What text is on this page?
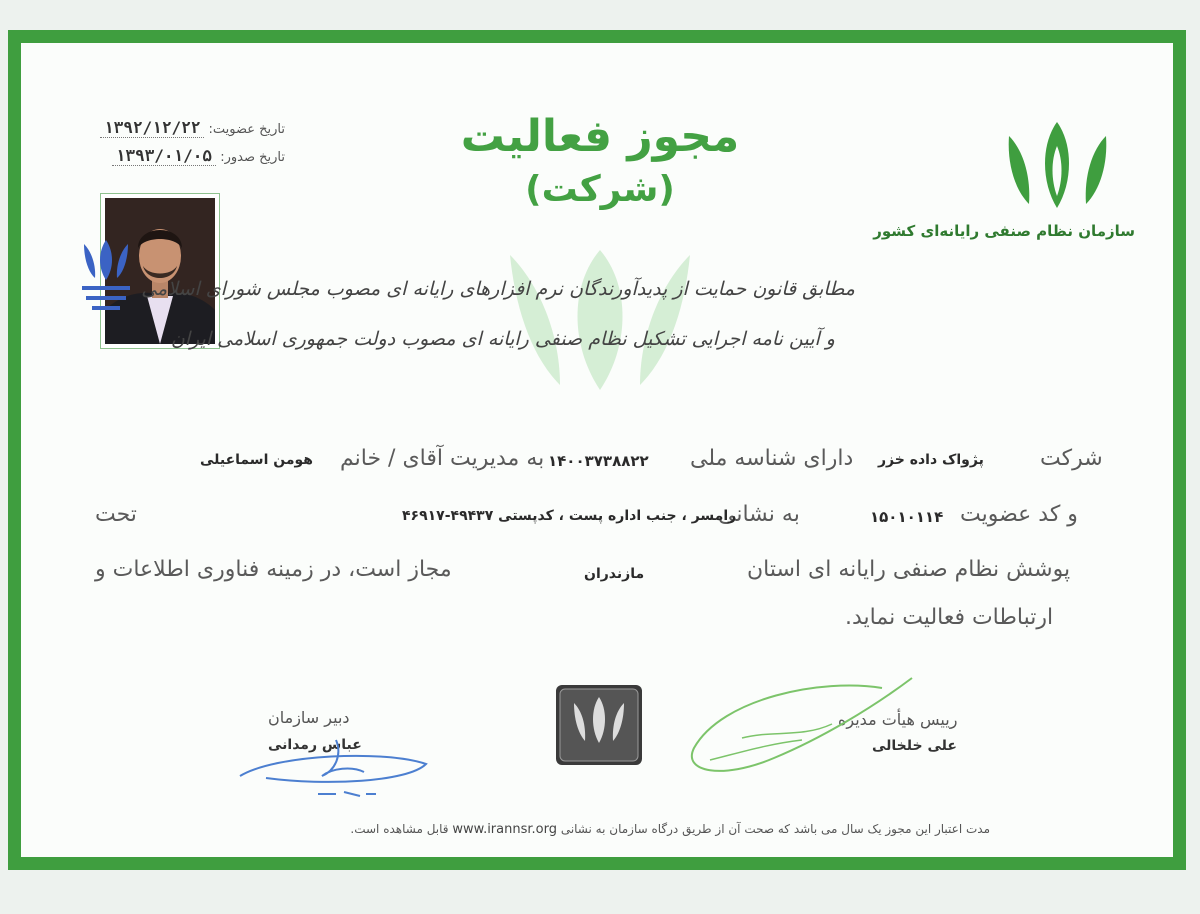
سازمان نظام صنفی رایانه‌ای کشور
مجوز فعالیت
(شرکت)
تاریخ عضویت: ۱۳۹۲/۱۲/۲۲
تاریخ صدور: ۱۳۹۳/۰۱/۰۵
مطابق قانون حمایت از پدیدآورندگان نرم افزارهای رایانه ای مصوب مجلس شورای اسلامی
و آیین نامه اجرایی تشکیل نظام صنفی رایانه ای مصوب دولت جمهوری اسلامی ایران
شرکت
پژواک داده خزر
دارای شناسه ملی
۱۴۰۰۳۷۳۸۸۲۲
به مدیریت آقای / خانم
هومن اسماعیلی
و کد عضویت
۱۵۰۱۰۱۱۴
به نشانی
رامسر ، جنب اداره پست ، کدپستی ۴۹۴۳۷-۴۶۹۱۷
تحت
پوشش نظام صنفی رایانه ای استان
مازندران
مجاز است، در زمینه فناوری اطلاعات و
ارتباطات فعالیت نماید.
رییس هیأت مدیره
علی خلخالی
دبیر سازمان
عباس رمدانی
مدت اعتبار این مجوز یک سال می باشد که صحت آن از طریق درگاه سازمان به نشانی www.irannsr.org قابل مشاهده است.
